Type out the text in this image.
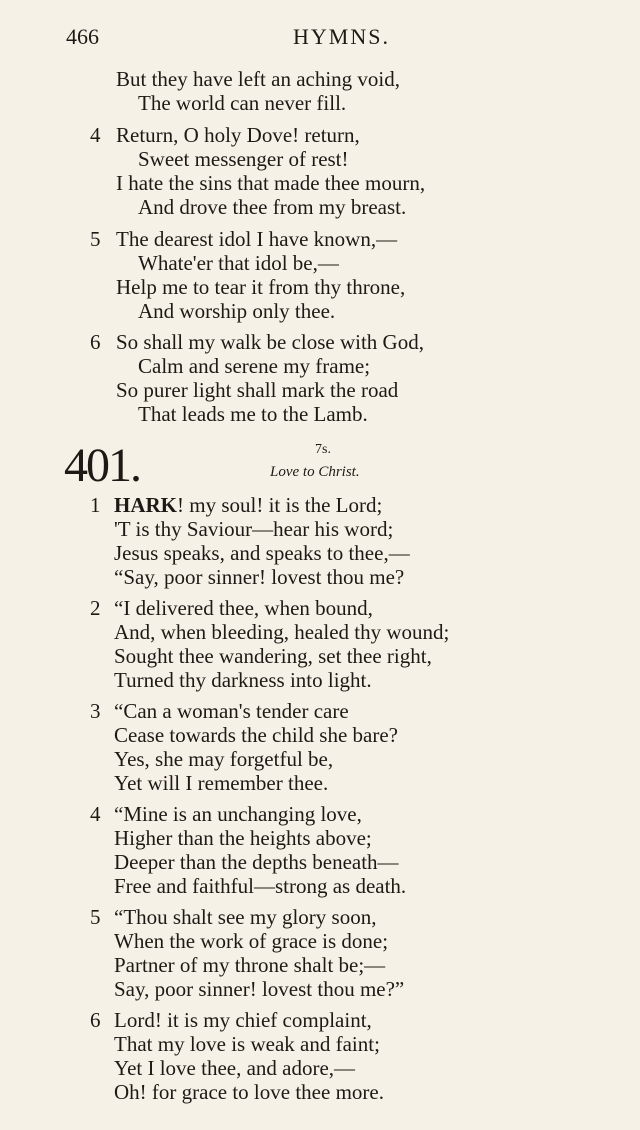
466	HYMNS.
But they have left an aching void,
The world can never fill.
4 Return, O holy Dove! return,
Sweet messenger of rest!
I hate the sins that made thee mourn,
And drove thee from my breast.
5 The dearest idol I have known,—
Whate'er that idol be,—
Help me to tear it from thy throne,
And worship only thee.
6 So shall my walk be close with God,
Calm and serene my frame;
So purer light shall mark the road
That leads me to the Lamb.
401.	7s.
Love to Christ.
1 HARK! my soul! it is the Lord;
'T is thy Saviour—hear his word;
Jesus speaks, and speaks to thee,—
“Say, poor sinner! lovest thou me?
2 “I delivered thee, when bound,
And, when bleeding, healed thy wound;
Sought thee wandering, set thee right,
Turned thy darkness into light.
3 “Can a woman's tender care
Cease towards the child she bare?
Yes, she may forgetful be,
Yet will I remember thee.
4 “Mine is an unchanging love,
Higher than the heights above;
Deeper than the depths beneath—
Free and faithful—strong as death.
5 “Thou shalt see my glory soon,
When the work of grace is done;
Partner of my throne shalt be;—
Say, poor sinner! lovest thou me?”
6 Lord! it is my chief complaint,
That my love is weak and faint;
Yet I love thee, and adore,—
Oh! for grace to love thee more.
